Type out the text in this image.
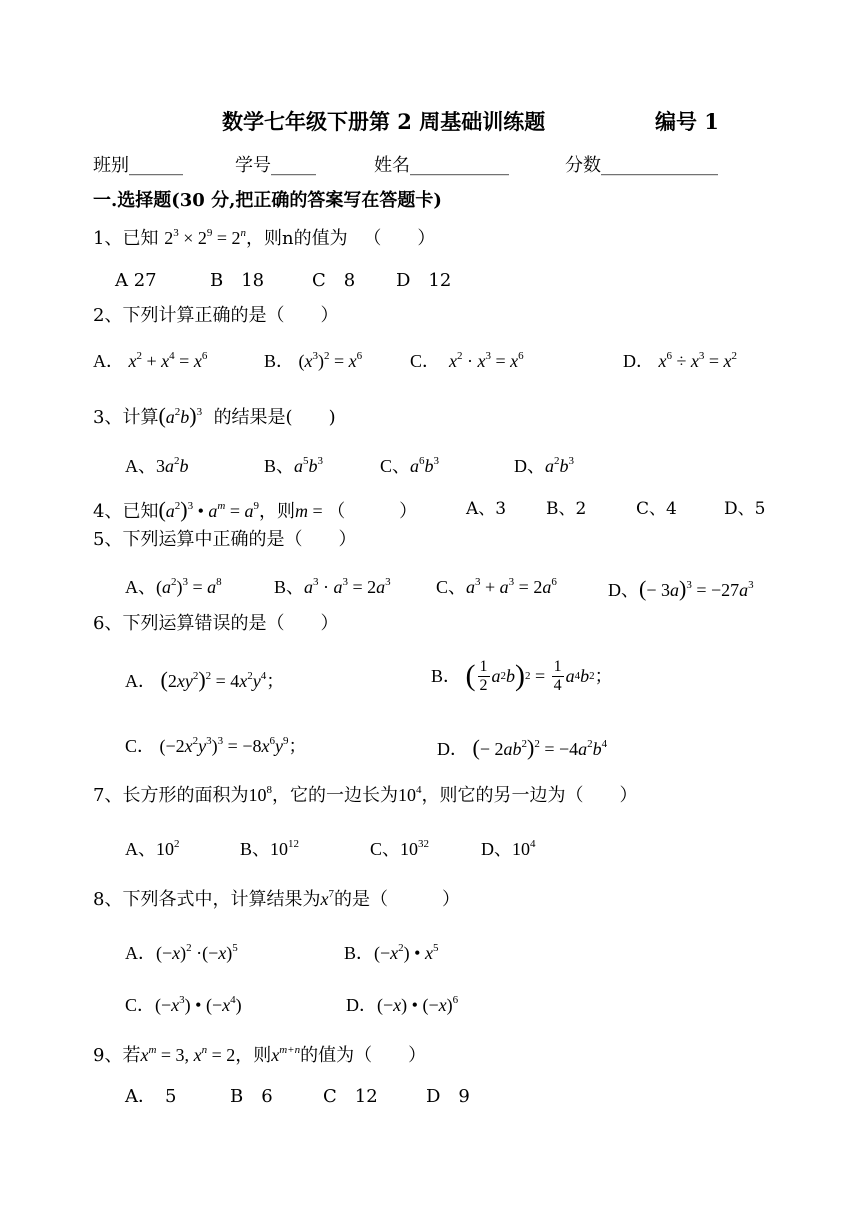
数学七年级下册第 2 周基础训练题	编号 1
班别______	学号_____	姓名___________	分数_____________
一.选择题(30 分,把正确的答案写在答题卡)
1、已知 $2^3 \times 2^9 = 2^n$，则n的值为 （　　）
A 27	B　18	C　8 D　12
2、下列计算正确的是（　　）
A． $x^2 + x^4 = x^6$	B． $(x^3)^2 = x^6$	C．　 $x^2 \cdot x^3 = x^6$	D． $x^6 \div x^3 = x^2$
3、计算$(a^2b)^3$ 的结果是(　　)
A、$3a^2b$	B、$a^5b^3$	C、$a^6b^3$	D、$a^2b^3$
4、已知$(a^2)^3$ • $a^m = a^9$，则m = （　　　）	A、3 B、2	C、4	D、5
5、下列运算中正确的是（　　）
A、$(a^2)^3 = a^8$	B、$a^3 \cdot a^3 = 2a^3$	C、$a^3 + a^3 = 2a^6$	D、(− $3a)^3 = -27a^3$
6、下列运算错误的是（　　）
A． $(2xy^2)^2 = 4x^2y^4$；	B．
( $\frac{1}{2}$ a 2 b ) $2 = \frac{1}{4}$ a 4 b 2 ；
C． $(-2x^2y^3)^3 = -8x^6y^9$；	D． (− $2ab^2)^2 = -4a^2b^4$
7、长方形的面积为$10^8$，它的一边长为$10^4$，则它的另一边为（　　）
A、$10^2$	B、$10^{12}$	C、$10^{32}$	D、$10^4$
8、下列各式中，计算结果为$x^7$的是（　　　）
A．$(-x)^2 \cdot(-x)^5$	B．$(-x^2)$ • $x^5$
C．$(-x^3)$ • $(-x^4)$	D．(−x) • $(-x)^6$
9、若$x^m = 3$, $x^n = 2$，则$x^{m+n}$的值为（　　）
A．　5	B　6	C　12	D　9
